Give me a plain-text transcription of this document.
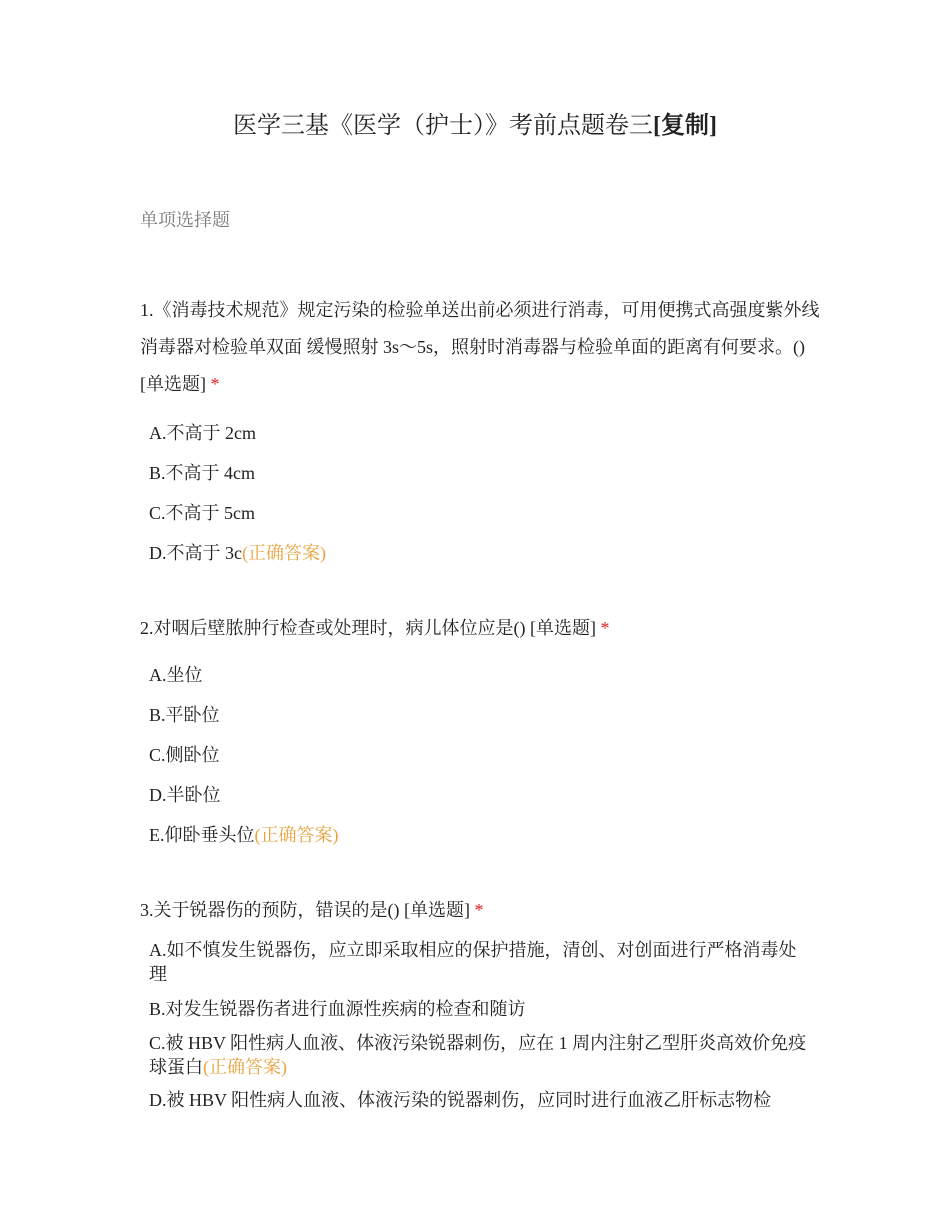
医学三基《医学（护士）》考前点题卷三[复制]
单项选择题
1.《消毒技术规范》规定污染的检验单送出前必须进行消毒，可用便携式高强度紫外线消毒器对检验单双面 缓慢照射 3s～5s，照射时消毒器与检验单面的距离有何要求。() [单选题] *
A.不高于 2cm
B.不高于 4cm
C.不高于 5cm
D.不高于 3c(正确答案)
2.对咽后壁脓肿行检查或处理时，病儿体位应是() [单选题] *
A.坐位
B.平卧位
C.侧卧位
D.半卧位
E.仰卧垂头位(正确答案)
3.关于锐器伤的预防，错误的是() [单选题] *
A.如不慎发生锐器伤，应立即采取相应的保护措施，清创、对创面进行严格消毒处理
B.对发生锐器伤者进行血源性疾病的检查和随访
C.被 HBV 阳性病人血液、体液污染锐器刺伤，应在 1 周内注射乙型肝炎高效价免疫球蛋白(正确答案)
D.被 HBV 阳性病人血液、体液污染的锐器刺伤，应同时进行血液乙肝标志物检
